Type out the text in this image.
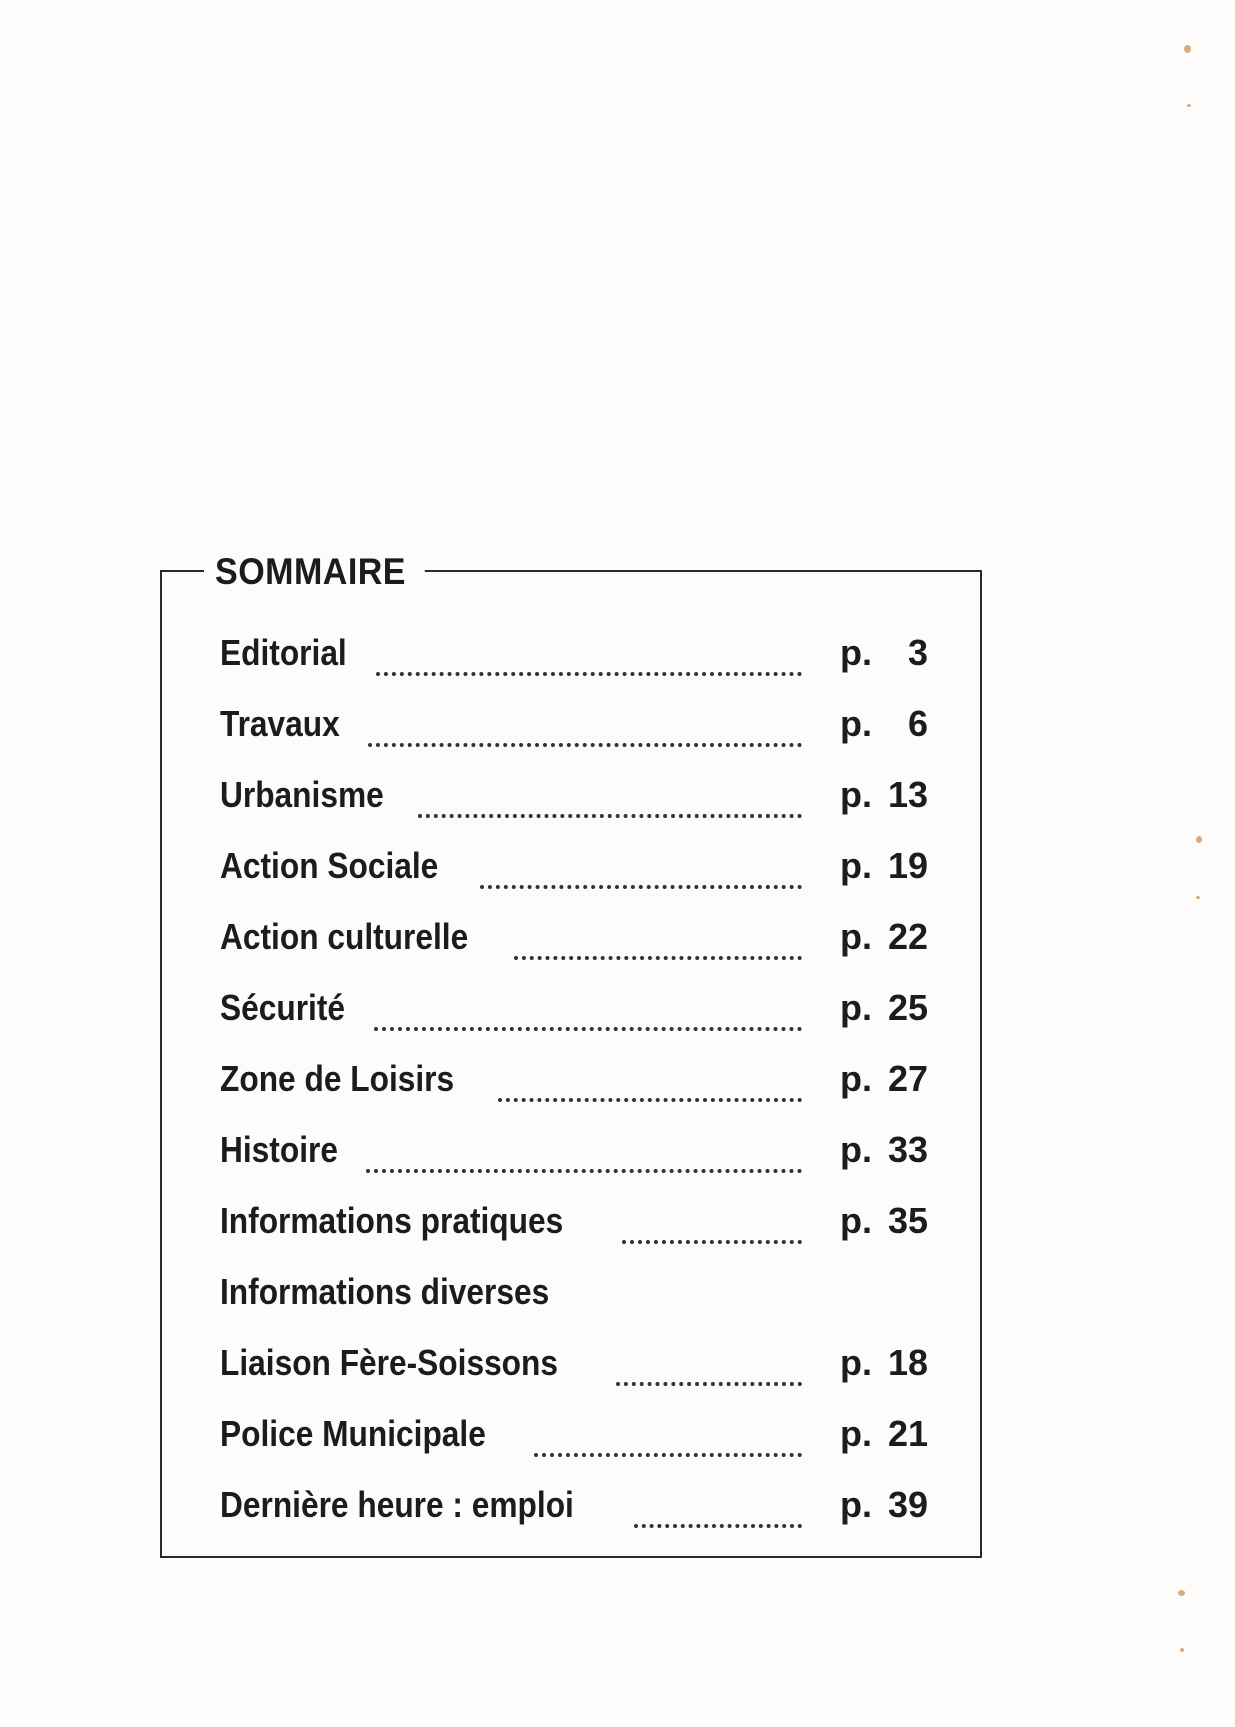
SOMMAIRE
Editorial	p. 3
Travaux	p. 6
Urbanisme	p. 13
Action Sociale	p. 19
Action culturelle	p. 22
Sécurité	p. 25
Zone de Loisirs	p. 27
Histoire	p. 33
Informations pratiques	p. 35
Informations diverses
Liaison Fère-Soissons	p. 18
Police Municipale	p. 21
Dernière heure : emploi	p. 39
